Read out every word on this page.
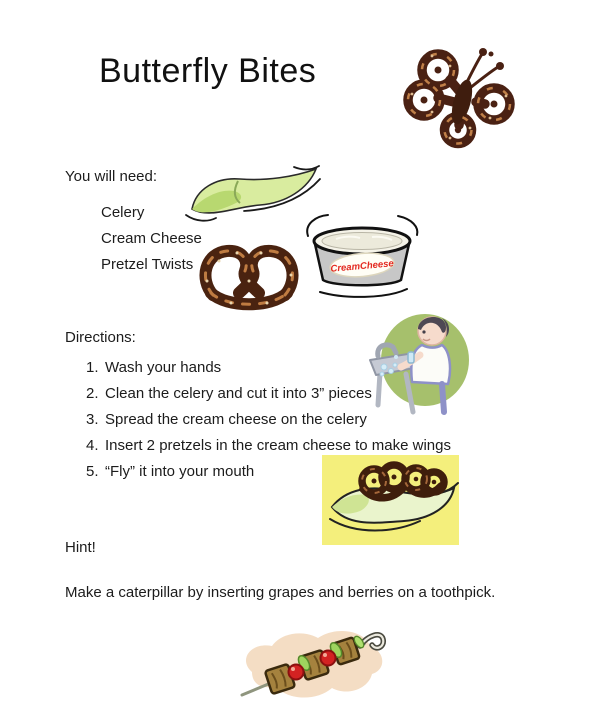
Butterfly Bites
You will need:
Celery
Cream Cheese
Pretzel Twists	CreamCheese
Directions:
1. Wash your hands
2. Clean the celery and cut it into 3” pieces
3. Spread the cream cheese on the celery
4. Insert 2 pretzels in the cream cheese to make wings
5. “Fly” it into your mouth
Hint!
Make a caterpillar by inserting grapes and berries on a toothpick.
